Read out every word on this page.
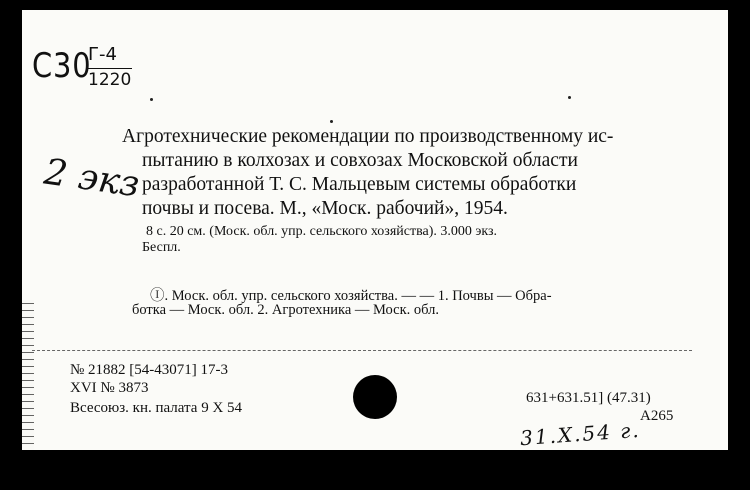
С30
Г-4
1220
2 экз
Агротехнические рекомендации по производственному ис-
пытанию в колхозах и совхозах Московской области
разработанной Т. С. Мальцевым системы обработки
почвы и посева. М., «Моск. рабочий», 1954.
8 с. 20 см. (Моск. обл. упр. сельского хозяйства). 3.000 экз.
Беспл.
Ⓘ. Моск. обл. упр. сельского хозяйства. — — 1. Почвы — Обра-
ботка — Моск. обл. 2. Агротехника — Моск. обл.
№ 21882 [54-43071] 17-3
XVI № 3873
Всесоюз. кн. палата 9 X 54
631+631.51] (47.31)
А265
31.Х.54 г.
